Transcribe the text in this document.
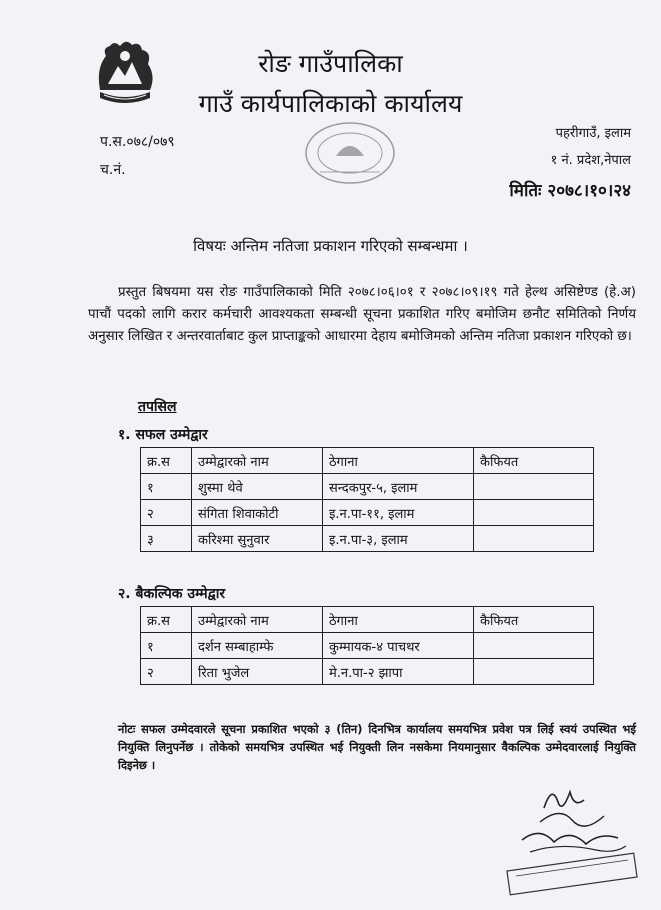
रोङ गाउँपालिका
गाउँ कार्यपालिकाको कार्यालय
प.स.०७८/०७९
च.नं.
पहरीगाउँ, इलाम
१ नं. प्रदेश,नेपाल
मितिः २०७८।१०।२४
विषयः अन्तिम नतिजा प्रकाशन गरिएको सम्बन्धमा ।
प्रस्तुत बिषयमा यस रोङ गाउँपालिकाको मिति २०७८।०६।०१ र २०७८।०९।१९ गते हेल्थ असिष्टेण्ड (हे.अ) पाचौं पदको लागि करार कर्मचारी आवश्यकता सम्बन्धी सूचना प्रकाशित गरिए बमोजिम छनौट समितिको निर्णय अनुसार लिखित र अन्तरवार्ताबाट कुल प्राप्ताङ्कको आधारमा देहाय बमोजिमको अन्तिम नतिजा प्रकाशन गरिएको छ।
तपसिल
१. सफल उम्मेद्वार
क्र.स	उम्मेद्वारको नाम	ठेगाना	कैफियत
१	शुस्मा थेवे	सन्दकपुर-५, इलाम	
२	संगिता शिवाकोटी	इ.न.पा-११, इलाम	
३	करिश्मा सुनुवार	इ.न.पा-३, इलाम	
२. बैकल्पिक उम्मेद्वार
क्र.स	उम्मेद्वारको नाम	ठेगाना	कैफियत
१	दर्शन सम्बाहाम्फे	कुम्मायक-४ पाचथर	
२	रिता भुजेल	मे.न.पा-२ झापा	
नोटः सफल उम्मेदवारले सूचना प्रकाशित भएको ३ (तिन) दिनभित्र कार्यालय समयभित्र प्रवेश पत्र लिई स्वयं उपस्थित भई नियुक्ति लिनुपर्नेछ । तोकेको समयभित्र उपस्थित भई नियुक्ती लिन नसकेमा नियमानुसार वैकल्पिक उम्मेदवारलाई नियुक्ति दिइनेछ ।
